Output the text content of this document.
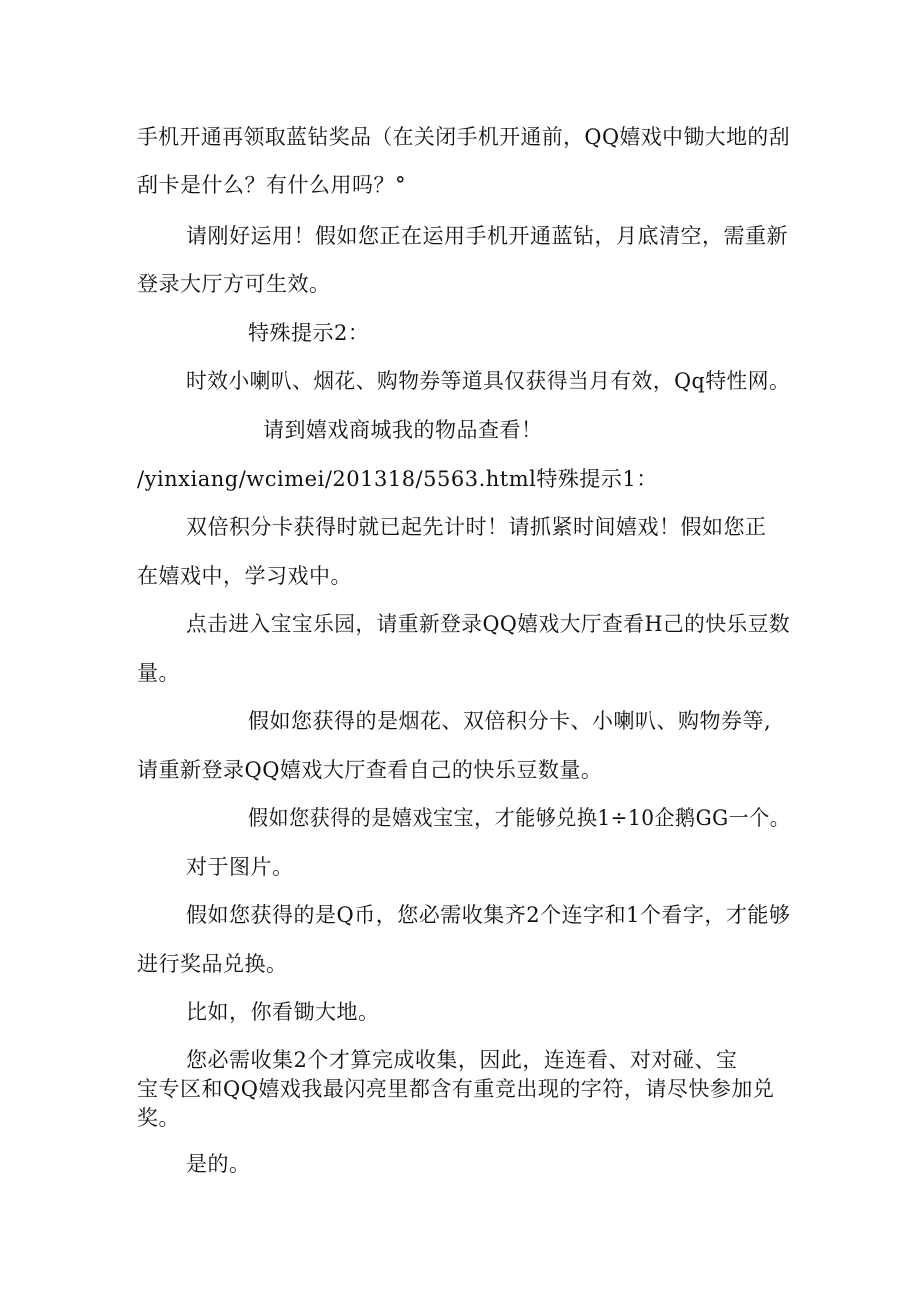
手机开通再领取蓝钻奖品（在关闭手机开通前，QQ嬉戏中锄大地的刮
刮卡是什么？有什么用吗？°
请刚好运用！假如您正在运用手机开通蓝钻，月底清空，需重新
登录大厅方可生效。
特殊提示2：
时效小喇叭、烟花、购物券等道具仅获得当月有效，Qq特性网。
请到嬉戏商城我的物品查看！
/yinxiang/wcimei/201318/5563.html特殊提示1：
双倍积分卡获得时就已起先计时！请抓紧时间嬉戏！假如您正
在嬉戏中，学习戏中。
点击进入宝宝乐园，请重新登录QQ嬉戏大厅查看H己的快乐豆数
量。
假如您获得的是烟花、双倍积分卡、小喇叭、购物券等,
请重新登录QQ嬉戏大厅查看自己的快乐豆数量。
假如您获得的是嬉戏宝宝，才能够兑换1÷10企鹅GG一个。
对于图片。
假如您获得的是Q币，您必需收集齐2个连字和1个看字，才能够
进行奖品兑换。
比如，你看锄大地。
您必需收集2个才算完成收集，因此，连连看、对对碰、宝
宝专区和QQ嬉戏我最闪亮里都含有重竞出现的字符，请尽快参加兑
奖。
是的。
